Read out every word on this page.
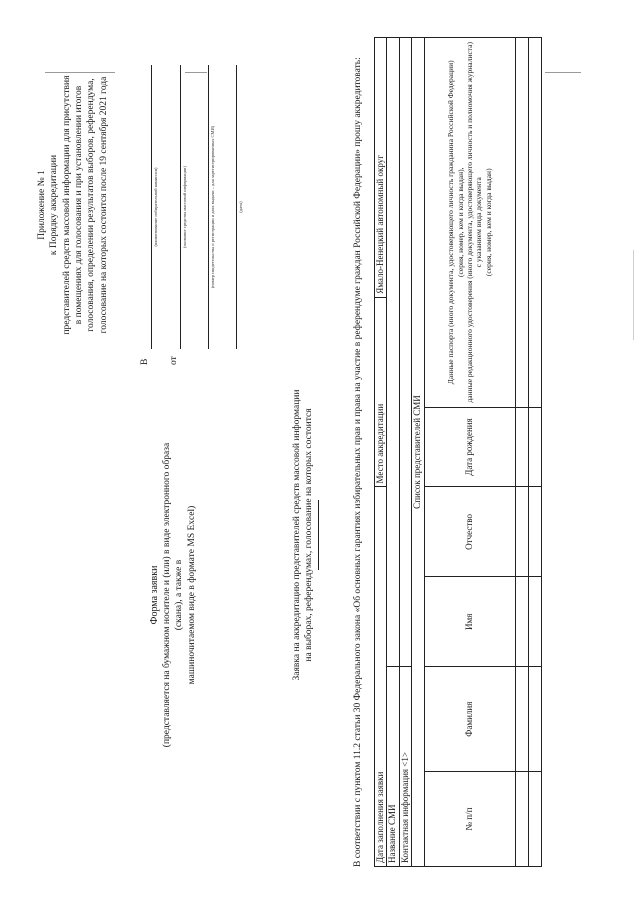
Приложение № 1 к Порядку аккредитации представителей средств массовой информации для присутствия в помещениях для голосования и при установлении итогов голосования, определении результатов выборов, референдума, голосование на которых состоится после 19 сентября 2021 года
Форма заявки (представляется на бумажном носителе и (или) в виде электронного образа (скана), а также в машиночитаемом виде в формате MS Excel)
В
(наименование избирательной комиссии)
от
(название средства массовой информации)	(номер свидетельства о регистрации и дата выдачи – для зарегистрированных СМИ)	(дата)
Заявка на аккредитацию представителей средств массовой информации на выборах, референдумах, голосование на которых состоится	В соответствии с пунктом 11.2 статьи 30 Федерального закона «Об основных гарантиях избирательных прав и права на участие в референдуме граждан Российской Федерации» прошу аккредитовать: Дата заполнения заявки				Место аккредитации		Ямало-Ненецкий автономный округ
Название СМИ						
Контактная информация <1>						
Список представителей СМИ						
№ п/п	Фамилия	Имя	Отчество	Дата рождения	Данные паспорта (иного документа, удостоверяющего личность гражданина Российской Федерации) (серия, номер, кем и когда выдан), данные редакционного удостоверения (иного документа, удостоверяющего личность и полномочия журналиста) с указанием вида документа (серия, номер, кем и когда выдан)	
